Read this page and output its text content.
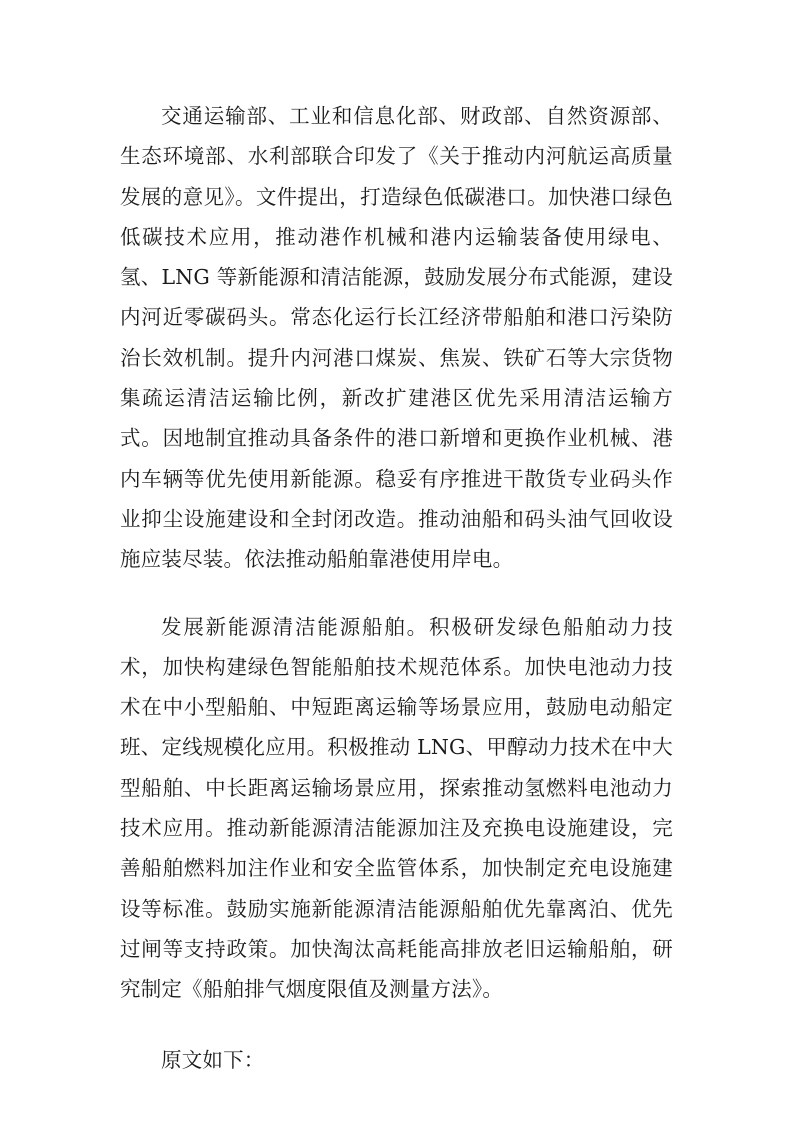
交通运输部、工业和信息化部、财政部、自然资源部、生态环境部、水利部联合印发了《关于推动内河航运高质量发展的意见》。文件提出，打造绿色低碳港口。加快港口绿色低碳技术应用，推动港作机械和港内运输装备使用绿电、氢、LNG 等新能源和清洁能源，鼓励发展分布式能源，建设内河近零碳码头。常态化运行长江经济带船舶和港口污染防治长效机制。提升内河港口煤炭、焦炭、铁矿石等大宗货物集疏运清洁运输比例，新改扩建港区优先采用清洁运输方式。因地制宜推动具备条件的港口新增和更换作业机械、港内车辆等优先使用新能源。稳妥有序推进干散货专业码头作业抑尘设施建设和全封闭改造。推动油船和码头油气回收设施应装尽装。依法推动船舶靠港使用岸电。

发展新能源清洁能源船舶。积极研发绿色船舶动力技术，加快构建绿色智能船舶技术规范体系。加快电池动力技术在中小型船舶、中短距离运输等场景应用，鼓励电动船定班、定线规模化应用。积极推动 LNG、甲醇动力技术在中大型船舶、中长距离运输场景应用，探索推动氢燃料电池动力技术应用。推动新能源清洁能源加注及充换电设施建设，完善船舶燃料加注作业和安全监管体系，加快制定充电设施建设等标准。鼓励实施新能源清洁能源船舶优先靠离泊、优先过闸等支持政策。加快淘汰高耗能高排放老旧运输船舶，研究制定《船舶排气烟度限值及测量方法》。

原文如下：
